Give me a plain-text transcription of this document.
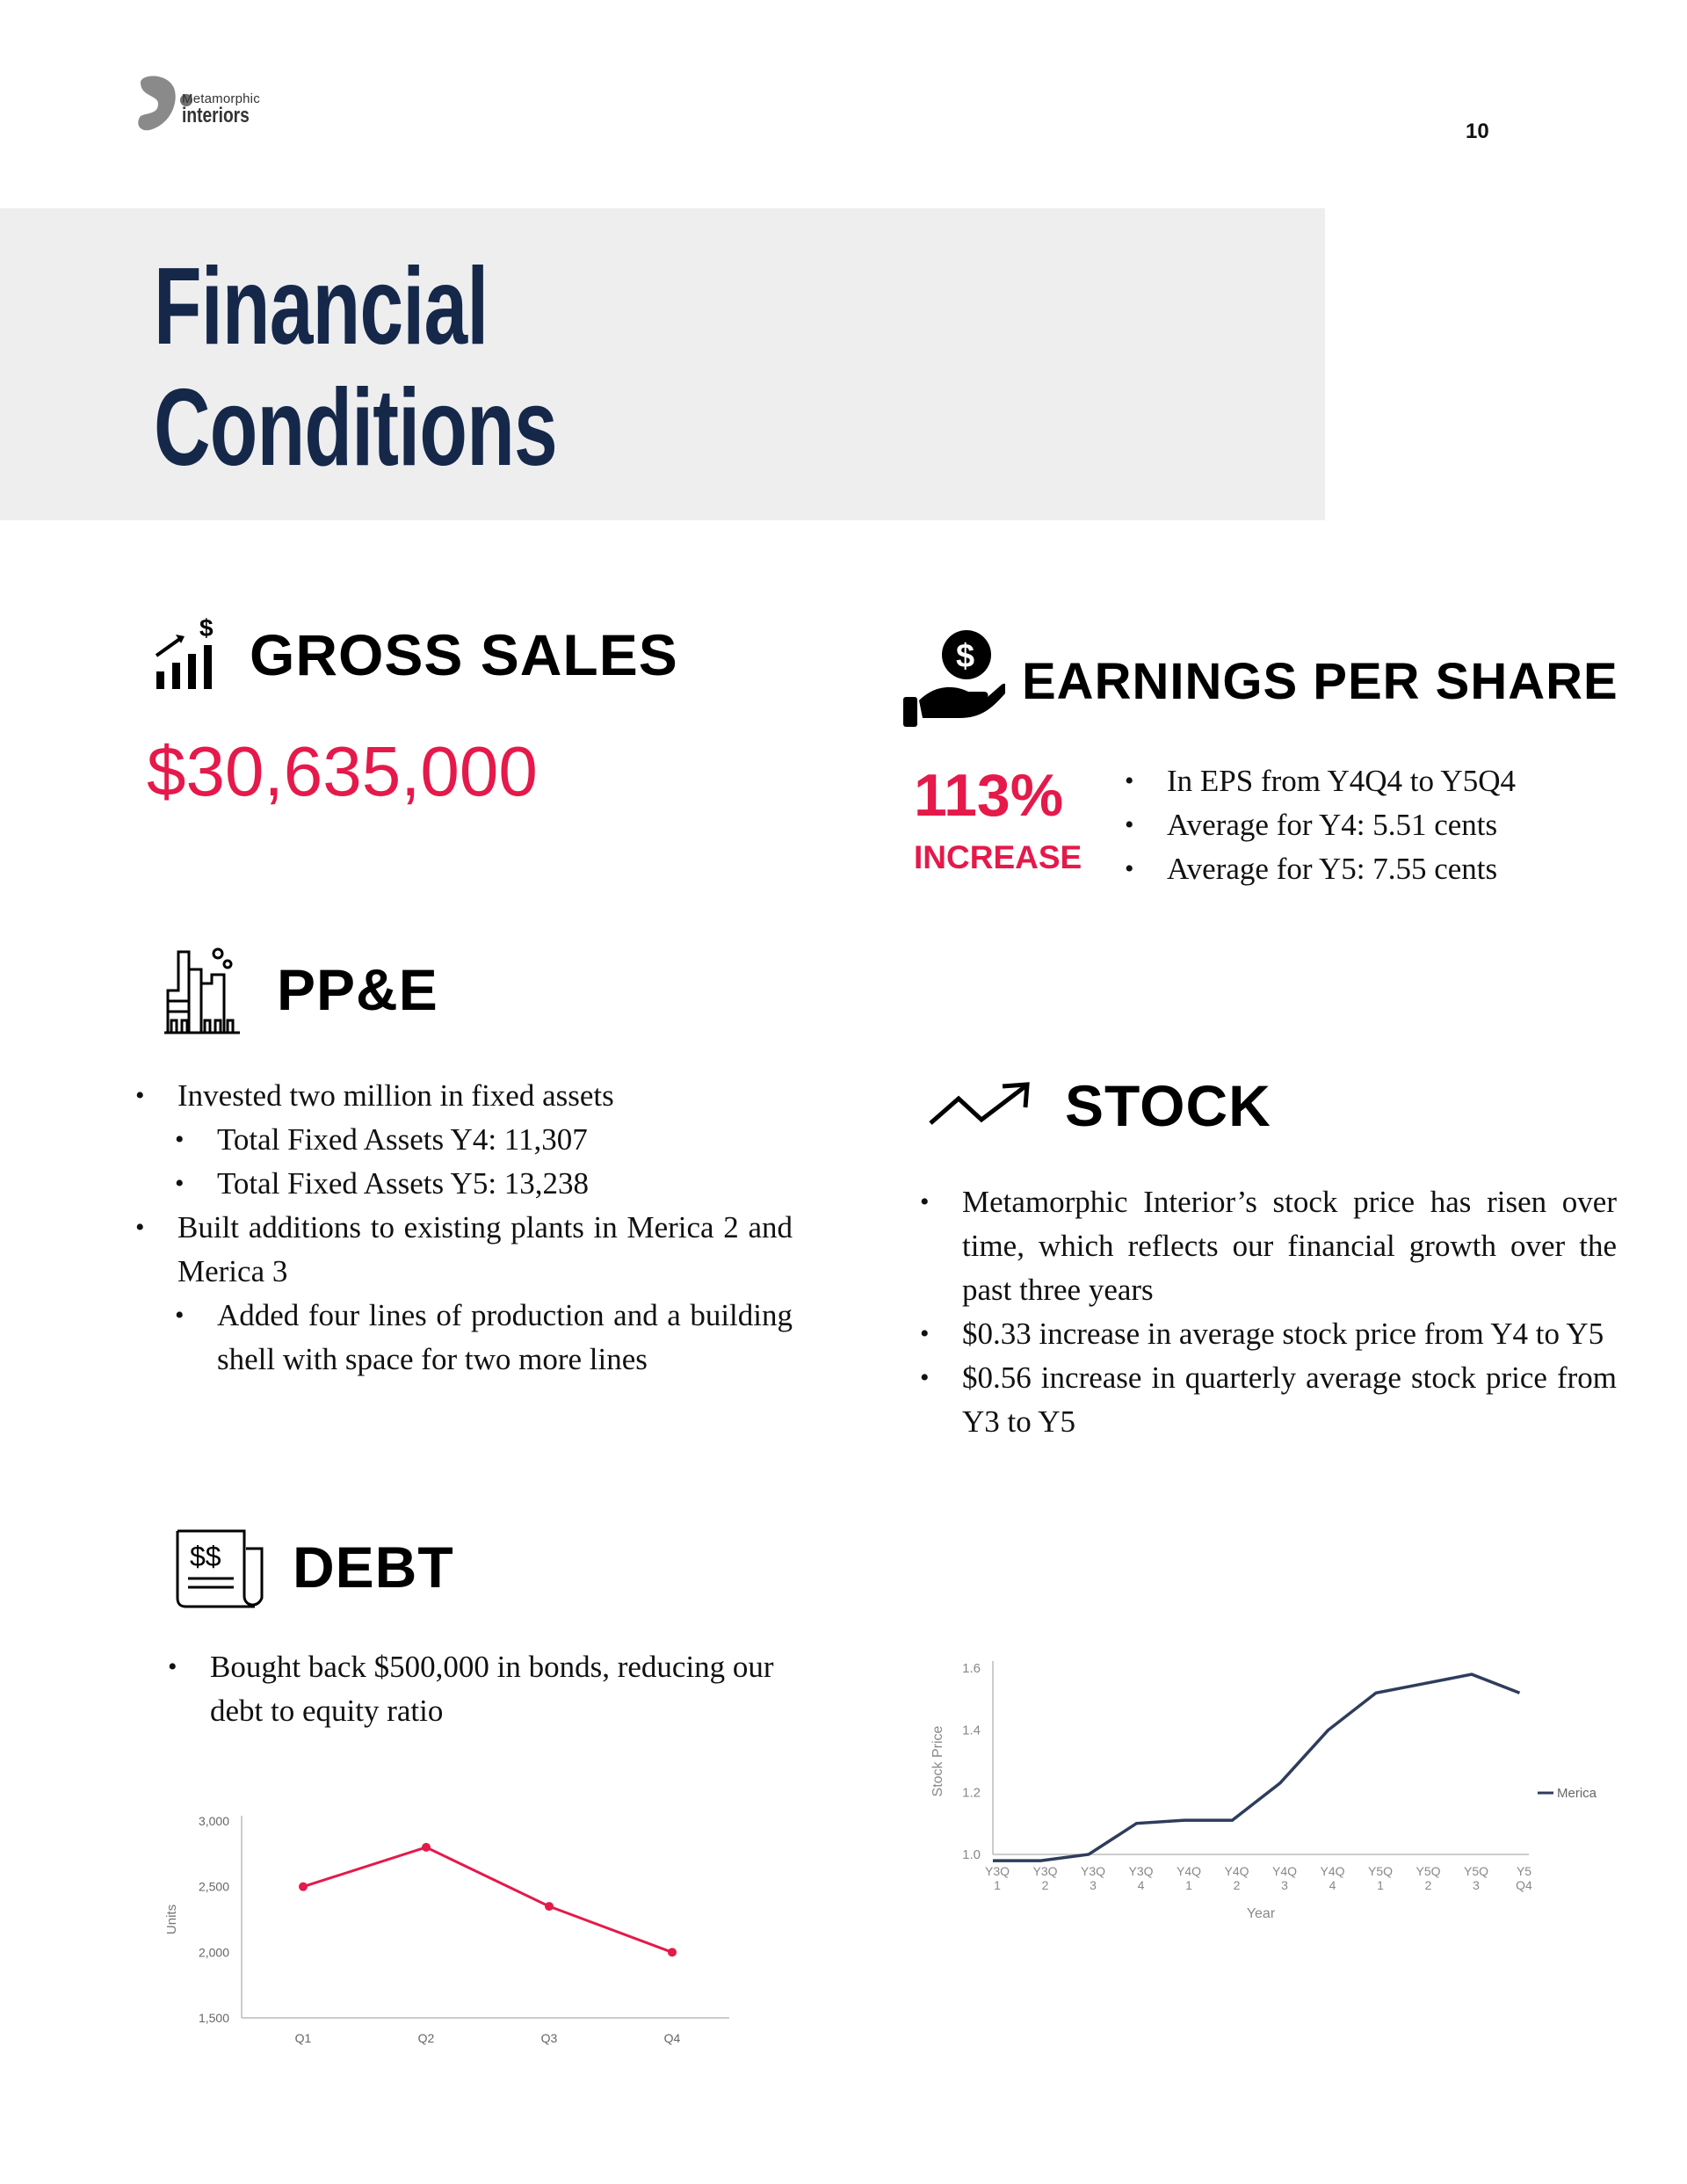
Metamorphic
interiors
10
Financial
Conditions
$ GROSS SALES
$30,635,000
$ EARNINGS PER SHARE
113%
INCREASE
• In EPS from Y4Q4 to Y5Q4
• Average for Y4: 5.51 cents
• Average for Y5: 7.55 cents
PP&E
• Invested two million in fixed assets
• Total Fixed Assets Y4: 11,307
• Total Fixed Assets Y5: 13,238
• Built additions to existing plants in Merica 2 and Merica 3
• Added four lines of production and a building shell with space for two more lines
STOCK
• Metamorphic Interior’s stock price has risen over time, which reflects our financial growth over the past three years
• $0.33 increase in average stock price from Y4 to Y5
• $0.56 increase in quarterly average stock price from Y3 to Y5
$$ DEBT
• Bought back $500,000 in bonds, reducing our debt to equity ratio
1,500
2,000
2,500
3,000
Q1	Q2	Q3	Q4
Units
1.0
1.2
1.4
1.6
Y3Q 1
Y3Q 2
Y3Q 3
Y3Q 4
Y4Q 1
Y4Q 2
Y4Q 3
Y4Q 4
Y5Q 1
Y5Q 2
Y5Q 3
Y5 Q4
Year
Stock Price	Merica
